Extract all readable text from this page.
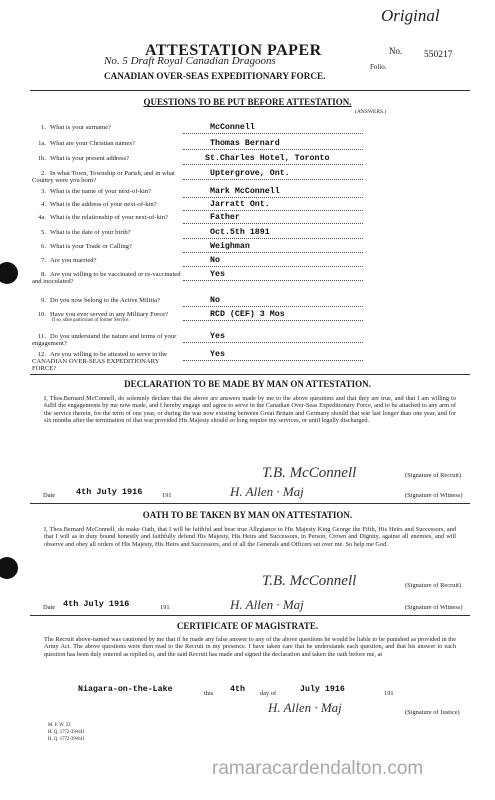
Original
ATTESTATION PAPER	No. 550217
No. 5 Draft Royal Canadian Dragoons	Folio.
CANADIAN OVER-SEAS EXPEDITIONARY FORCE.
QUESTIONS TO BE PUT BEFORE ATTESTATION.
(ANSWERS.)
1. What is your surname?	McConnell
1a. What are your Christian names?	Thomas Bernard
1b. What is your present address?	St.Charles Hotel, Toronto
2. In what Town, Township or Parish, and in what Country were you born?
Uptergrove, Ont.
3. What is the name of your next-of-kin?	Mark McConnell
4. What is the address of your next-of-kin?	Jarratt Ont.
4a. What is the relationship of your next-of-kin?	Father
5. What is the date of your birth?	Oct.5th 1891
6. What is your Trade or Calling?	Weighman
7. Are you married?	No
8. Are you willing to be vaccinated or re-vaccinated and inoculated?
Yes
9. Do you now belong to the Active Militia?	No
10. Have you ever served in any Military Force?	RCD (CEF) 3 Mos
11. Do you understand the nature and terms of your engagement?
Yes
12. Are you willing to be attested to serve in the CANADIAN OVER-SEAS EXPEDITIONARY FORCE?
Yes
If so, state particulars of former Service.
DECLARATION TO BE MADE BY MAN ON ATTESTATION.
I, Thos.Bernard McConnell, do solemnly declare that the above are answers made by me to the above questions and that they are true, and that I am willing to fulfil the engagements by me now made, and I hereby engage and agree to serve in the Canadian Over-Seas Expeditionary Force, and to be attached to any arm of the service therein, for the term of one year, or during the war now existing between Great Britain and Germany should that war last longer than one year, and for six months after the termination of that war provided His Majesty should so long require my services, or until legally discharged.
T.B. McConnell	(Signature of Recruit)
Date 4th July 1916	191	H. Allen · Maj	(Signature of Witness)
OATH TO BE TAKEN BY MAN ON ATTESTATION.
I, Thos.Bernard McConnell, do make Oath, that I will be faithful and bear true Allegiance to His Majesty King George the Fifth, His Heirs and Successors, and that I will as in duty bound honestly and faithfully defend His Majesty, His Heirs and Successors, in Person, Crown and Dignity, against all enemies, and will observe and obey all orders of His Majesty, His Heirs and Successors, and of all the Generals and Officers set over me. So help me God.
T.B. McConnell	(Signature of Recruit)
Date 4th July 1916	191	H. Allen · Maj	(Signature of Witness)
CERTIFICATE OF MAGISTRATE.
The Recruit above-named was cautioned by me that if he made any false answer to any of the above questions he would be liable to be punished as provided in the Army Act. The above questions were then read to the Recruit in my presence. I have taken care that he understands each question, and that his answer to each question has been duly entered as replied to, and the said Recruit has made and signed the declaration and taken the oath before me, at
Niagara-on-the-Lake	this 4th day of	July 1916	191
H. Allen · Maj	(Signature of Justice)
M. F. W. 23
H. Q. 1772-39-841
H. Q. 1772-39-841
ramaracardendalton.com
